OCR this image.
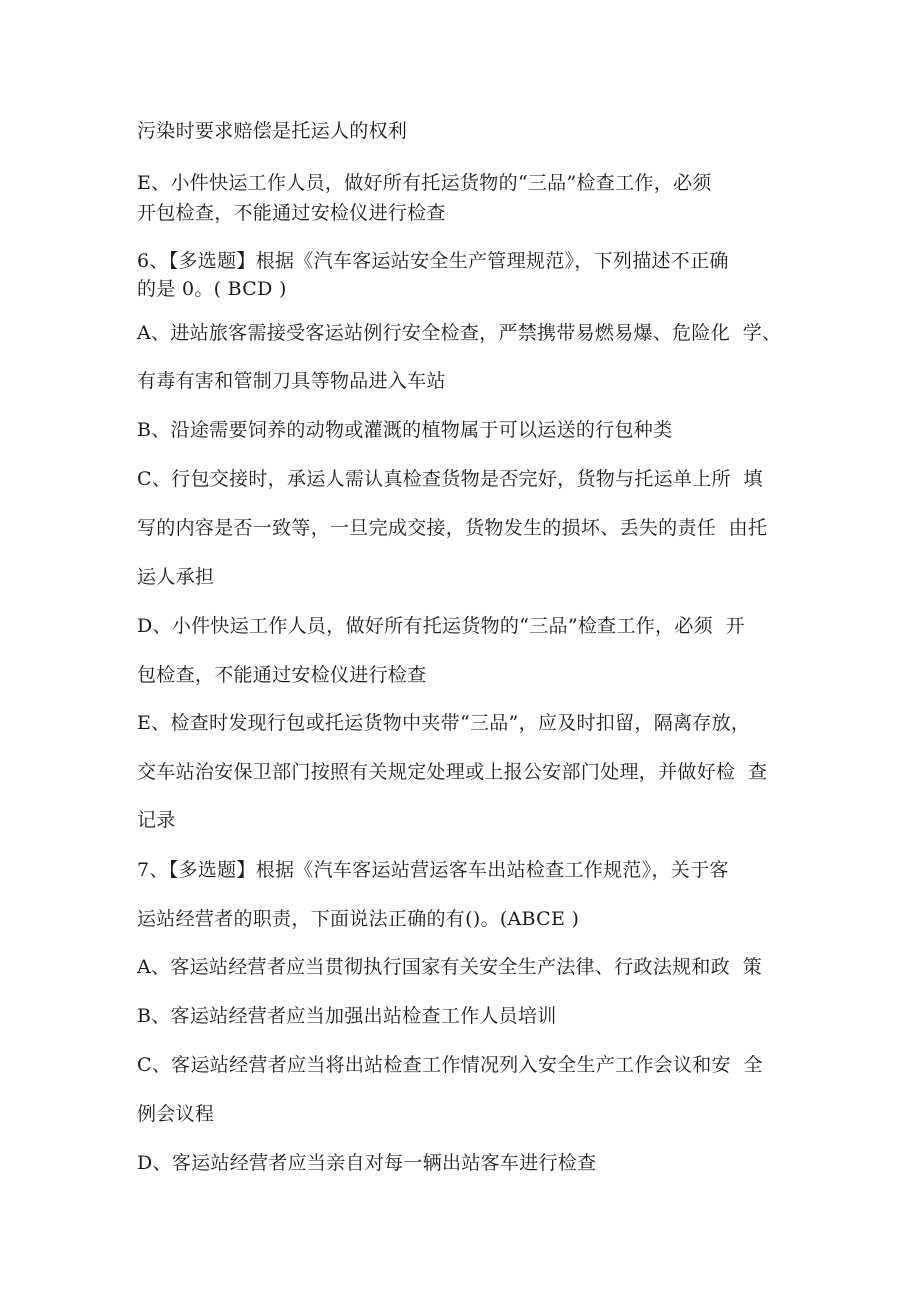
污染时要求赔偿是托运人的权利
E、小件快运工作人员，做好所有托运货物的“三品”检查工作，必须
开包检查，不能通过安检仪进行检查
6、【多选题】根据《汽车客运站安全生产管理规范》，下列描述不正确
的是 0。( BCD )
A、进站旅客需接受客运站例行安全检查，严禁携带易燃易爆、危险化  学、
有毒有害和管制刀具等物品进入车站
B、沿途需要饲养的动物或灌溉的植物属于可以运送的行包种类
C、行包交接时，承运人需认真检查货物是否完好，货物与托运单上所  填
写的内容是否一致等，一旦完成交接，货物发生的损坏、丢失的责任  由托
运人承担
D、小件快运工作人员，做好所有托运货物的“三品”检查工作，必须  开
包检查，不能通过安检仪进行检查
E、检查时发现行包或托运货物中夹带“三品”，应及时扣留，隔离存放，
交车站治安保卫部门按照有关规定处理或上报公安部门处理，并做好检  查
记录
7、【多选题】根据《汽车客运站营运客车出站检查工作规范》，关于客
运站经营者的职责，下面说法正确的有()。(ABCE )
A、客运站经营者应当贯彻执行国家有关安全生产法律、行政法规和政  策
B、客运站经营者应当加强出站检查工作人员培训
C、客运站经营者应当将出站检查工作情况列入安全生产工作会议和安  全
例会议程
D、客运站经营者应当亲自对每一辆出站客车进行检查
